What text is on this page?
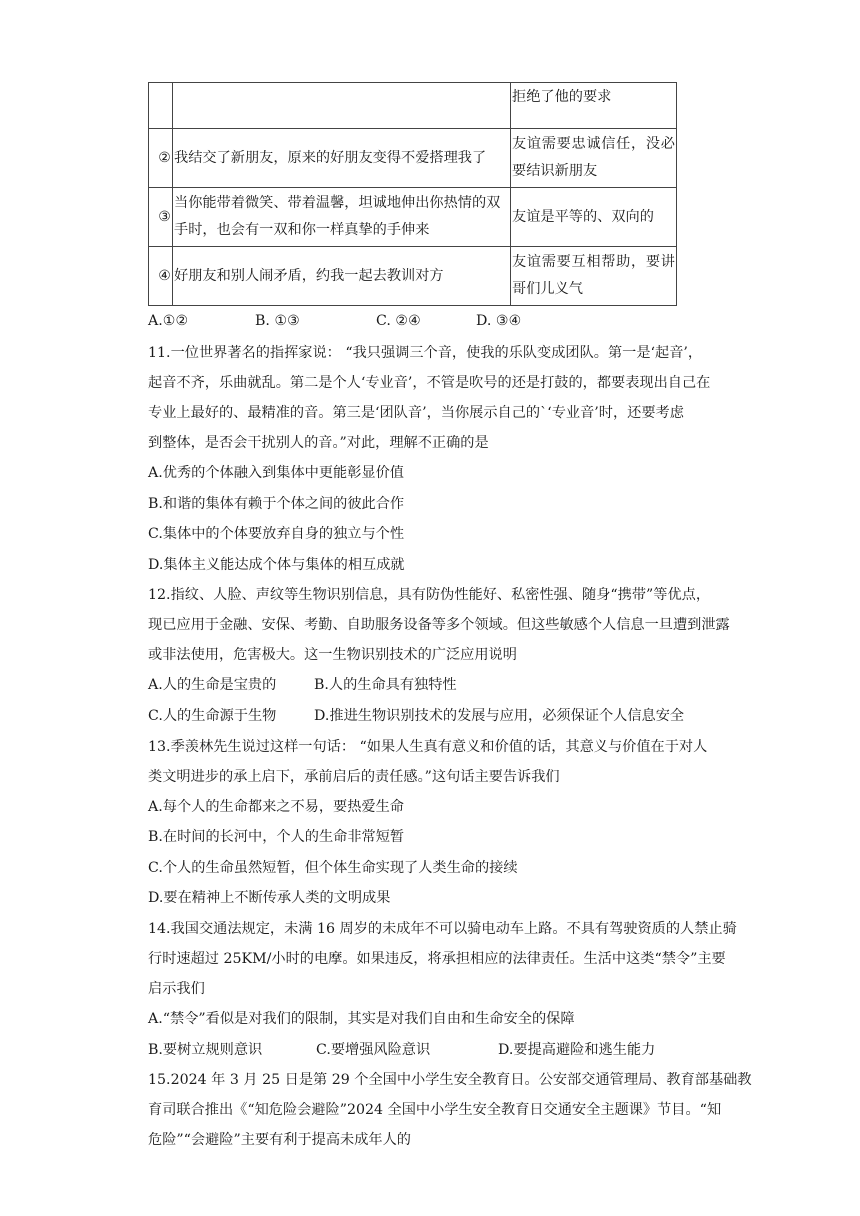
		拒绝了他的要求
②	我结交了新朋友，原来的好朋友变得不爱搭理我了	友谊需要忠诚信任，没必要结识新朋友
③	当你能带着微笑、带着温馨，坦诚地伸出你热情的双手时，也会有一双和你一样真挚的手伸来	友谊是平等的、双向的
④	好朋友和别人闹矛盾，约我一起去教训对方	友谊需要互相帮助，要讲哥们儿义气
A.①②	B. ①③	C. ②④	D. ③④
11.一位世界著名的指挥家说： “我只强调三个音，使我的乐队变成团队。第一是‘起音’，
起音不齐，乐曲就乱。第二是个人‘专业音’，不管是吹号的还是打鼓的，都要表现出自己在
专业上最好的、最精准的音。第三是‘团队音’，当你展示自己的`‘专业音’时，还要考虑
到整体，是否会干扰别人的音。”对此，理解不正确的是
A.优秀的个体融入到集体中更能彰显价值
B.和谐的集体有赖于个体之间的彼此合作
C.集体中的个体要放弃自身的独立与个性
D.集体主义能达成个体与集体的相互成就
12.指纹、人脸、声纹等生物识别信息，具有防伪性能好、私密性强、随身“携带”等优点，
现已应用于金融、安保、考勤、自助服务设备等多个领域。但这些敏感个人信息一旦遭到泄露
或非法使用，危害极大。这一生物识别技术的广泛应用说明
A.人的生命是宝贵的	B.人的生命具有独特性
C.人的生命源于生物	D.推进生物识别技术的发展与应用，必须保证个人信息安全
13.季羡林先生说过这样一句话： “如果人生真有意义和价值的话，其意义与价值在于对人
类文明进步的承上启下，承前启后的责任感。”这句话主要告诉我们
A.每个人的生命都来之不易，要热爱生命
B.在时间的长河中，个人的生命非常短暂
C.个人的生命虽然短暂，但个体生命实现了人类生命的接续
D.要在精神上不断传承人类的文明成果
14.我国交通法规定，未满 16 周岁的未成年不可以骑电动车上路。不具有驾驶资质的人禁止骑
行时速超过 25KM/小时的电摩。如果违反，将承担相应的法律责任。生活中这类“禁令”主要
启示我们
A.“禁令”看似是对我们的限制，其实是对我们自由和生命安全的保障
B.要树立规则意识	C.要增强风险意识	D.要提高避险和逃生能力
15.2024 年 3 月 25 日是第 29 个全国中小学生安全教育日。公安部交通管理局、教育部基础教
育司联合推出《“知危险会避险”2024 全国中小学生安全教育日交通安全主题课》节目。“知
危险”“会避险”主要有利于提高未成年人的
